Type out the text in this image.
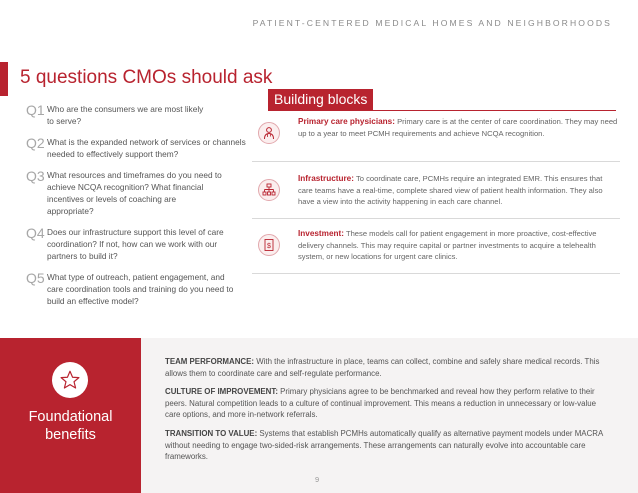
PATIENT-CENTERED MEDICAL HOMES AND NEIGHBORHOODS
5 questions CMOs should ask
Q1 Who are the consumers we are most likely to serve?
Q2 What is the expanded network of services or channels needed to effectively support them?
Q3 What resources and timeframes do you need to achieve NCQA recognition? What financial incentives or levels of coaching are appropriate?
Q4 Does our infrastructure support this level of care coordination? If not, how can we work with our partners to build it?
Q5 What type of outreach, patient engagement, and care coordination tools and training do you need to build an effective model?
Building blocks
Primary care physicians: Primary care is at the center of care coordination. They may need up to a year to meet PCMH requirements and achieve NCQA recognition.
Infrastructure: To coordinate care, PCMHs require an integrated EMR. This ensures that care teams have a real-time, complete shared view of patient health information. They also have a view into the activity happening in each care channel.
$
Investment: These models call for patient engagement in more proactive, cost-effective delivery channels. This may require capital or partner investments to acquire a telehealth system, or new locations for urgent care clinics.
Foundational
benefits

TEAM PERFORMANCE: With the infrastructure in place, teams can collect, combine and safely share medical records. This allows them to coordinate care and self-regulate performance.

CULTURE OF IMPROVEMENT: Primary physicians agree to be benchmarked and reveal how they perform relative to their peers. Natural competition leads to a culture of continual improvement. This means a reduction in unnecessary or low-value care options, and more in-network referrals.

TRANSITION TO VALUE: Systems that establish PCMHs automatically qualify as alternative payment models under MACRA without needing to engage two-sided-risk arrangements. These arrangements can naturally evolve into accountable care frameworks.

9
